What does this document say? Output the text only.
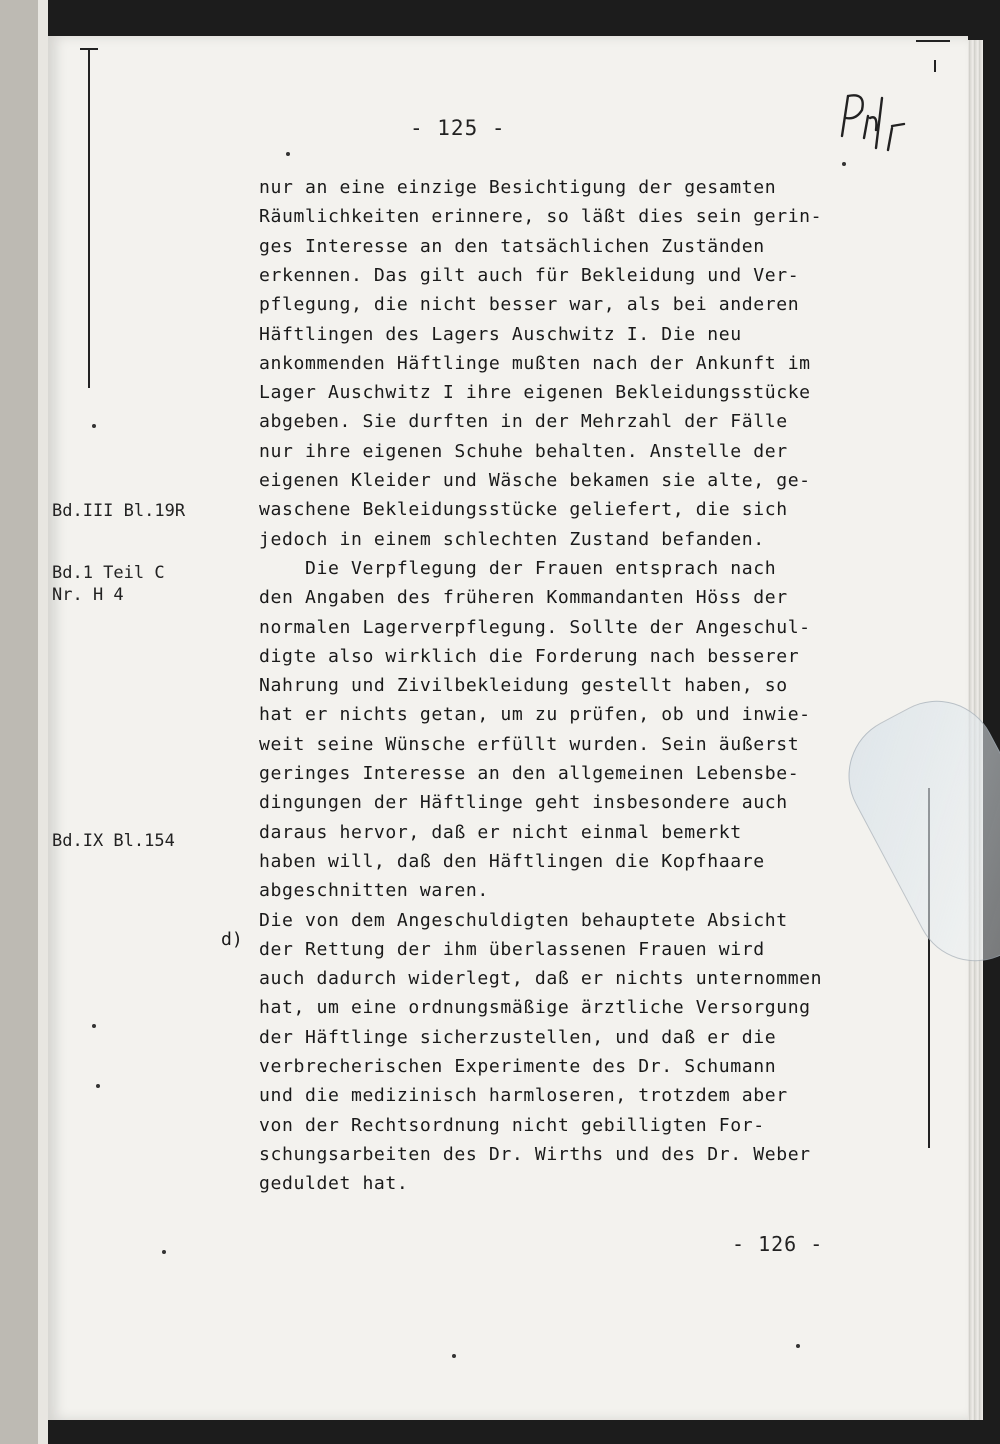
- 125 -
Bd.III Bl.19R
Bd.1 Teil C
Nr. H 4
Bd.IX Bl.154
nur an eine einzige Besichtigung der gesamten
Räumlichkeiten erinnere, so läßt dies sein gerin-
ges Interesse an den tatsächlichen Zuständen
erkennen. Das gilt auch für Bekleidung und Ver-
pflegung, die nicht besser war, als bei anderen
Häftlingen des Lagers Auschwitz I. Die neu
ankommenden Häftlinge mußten nach der Ankunft im
Lager Auschwitz I ihre eigenen Bekleidungsstücke
abgeben. Sie durften in der Mehrzahl der Fälle
nur ihre eigenen Schuhe behalten. Anstelle der
eigenen Kleider und Wäsche bekamen sie alte, ge-
waschene Bekleidungsstücke geliefert, die sich
jedoch in einem schlechten Zustand befanden.
Die Verpflegung der Frauen entsprach nach
den Angaben des früheren Kommandanten Höss der
normalen Lagerverpflegung. Sollte der Angeschul-
digte also wirklich die Forderung nach besserer
Nahrung und Zivilbekleidung gestellt haben, so
hat er nichts getan, um zu prüfen, ob und inwie-
weit seine Wünsche erfüllt wurden. Sein äußerst
geringes Interesse an den allgemeinen Lebensbe-
dingungen der Häftlinge geht insbesondere auch
daraus hervor, daß er nicht einmal bemerkt
haben will, daß den Häftlingen die Kopfhaare
abgeschnitten waren.
Die von dem Angeschuldigten behauptete Absicht
der Rettung der ihm überlassenen Frauen wird
auch dadurch widerlegt, daß er nichts unternommen
hat, um eine ordnungsmäßige ärztliche Versorgung
der Häftlinge sicherzustellen, und daß er die
verbrecherischen Experimente des Dr. Schumann
und die medizinisch harmloseren, trotzdem aber
von der Rechtsordnung nicht gebilligten For-
schungsarbeiten des Dr. Wirths und des Dr. Weber
geduldet hat.
d)
- 126 -
